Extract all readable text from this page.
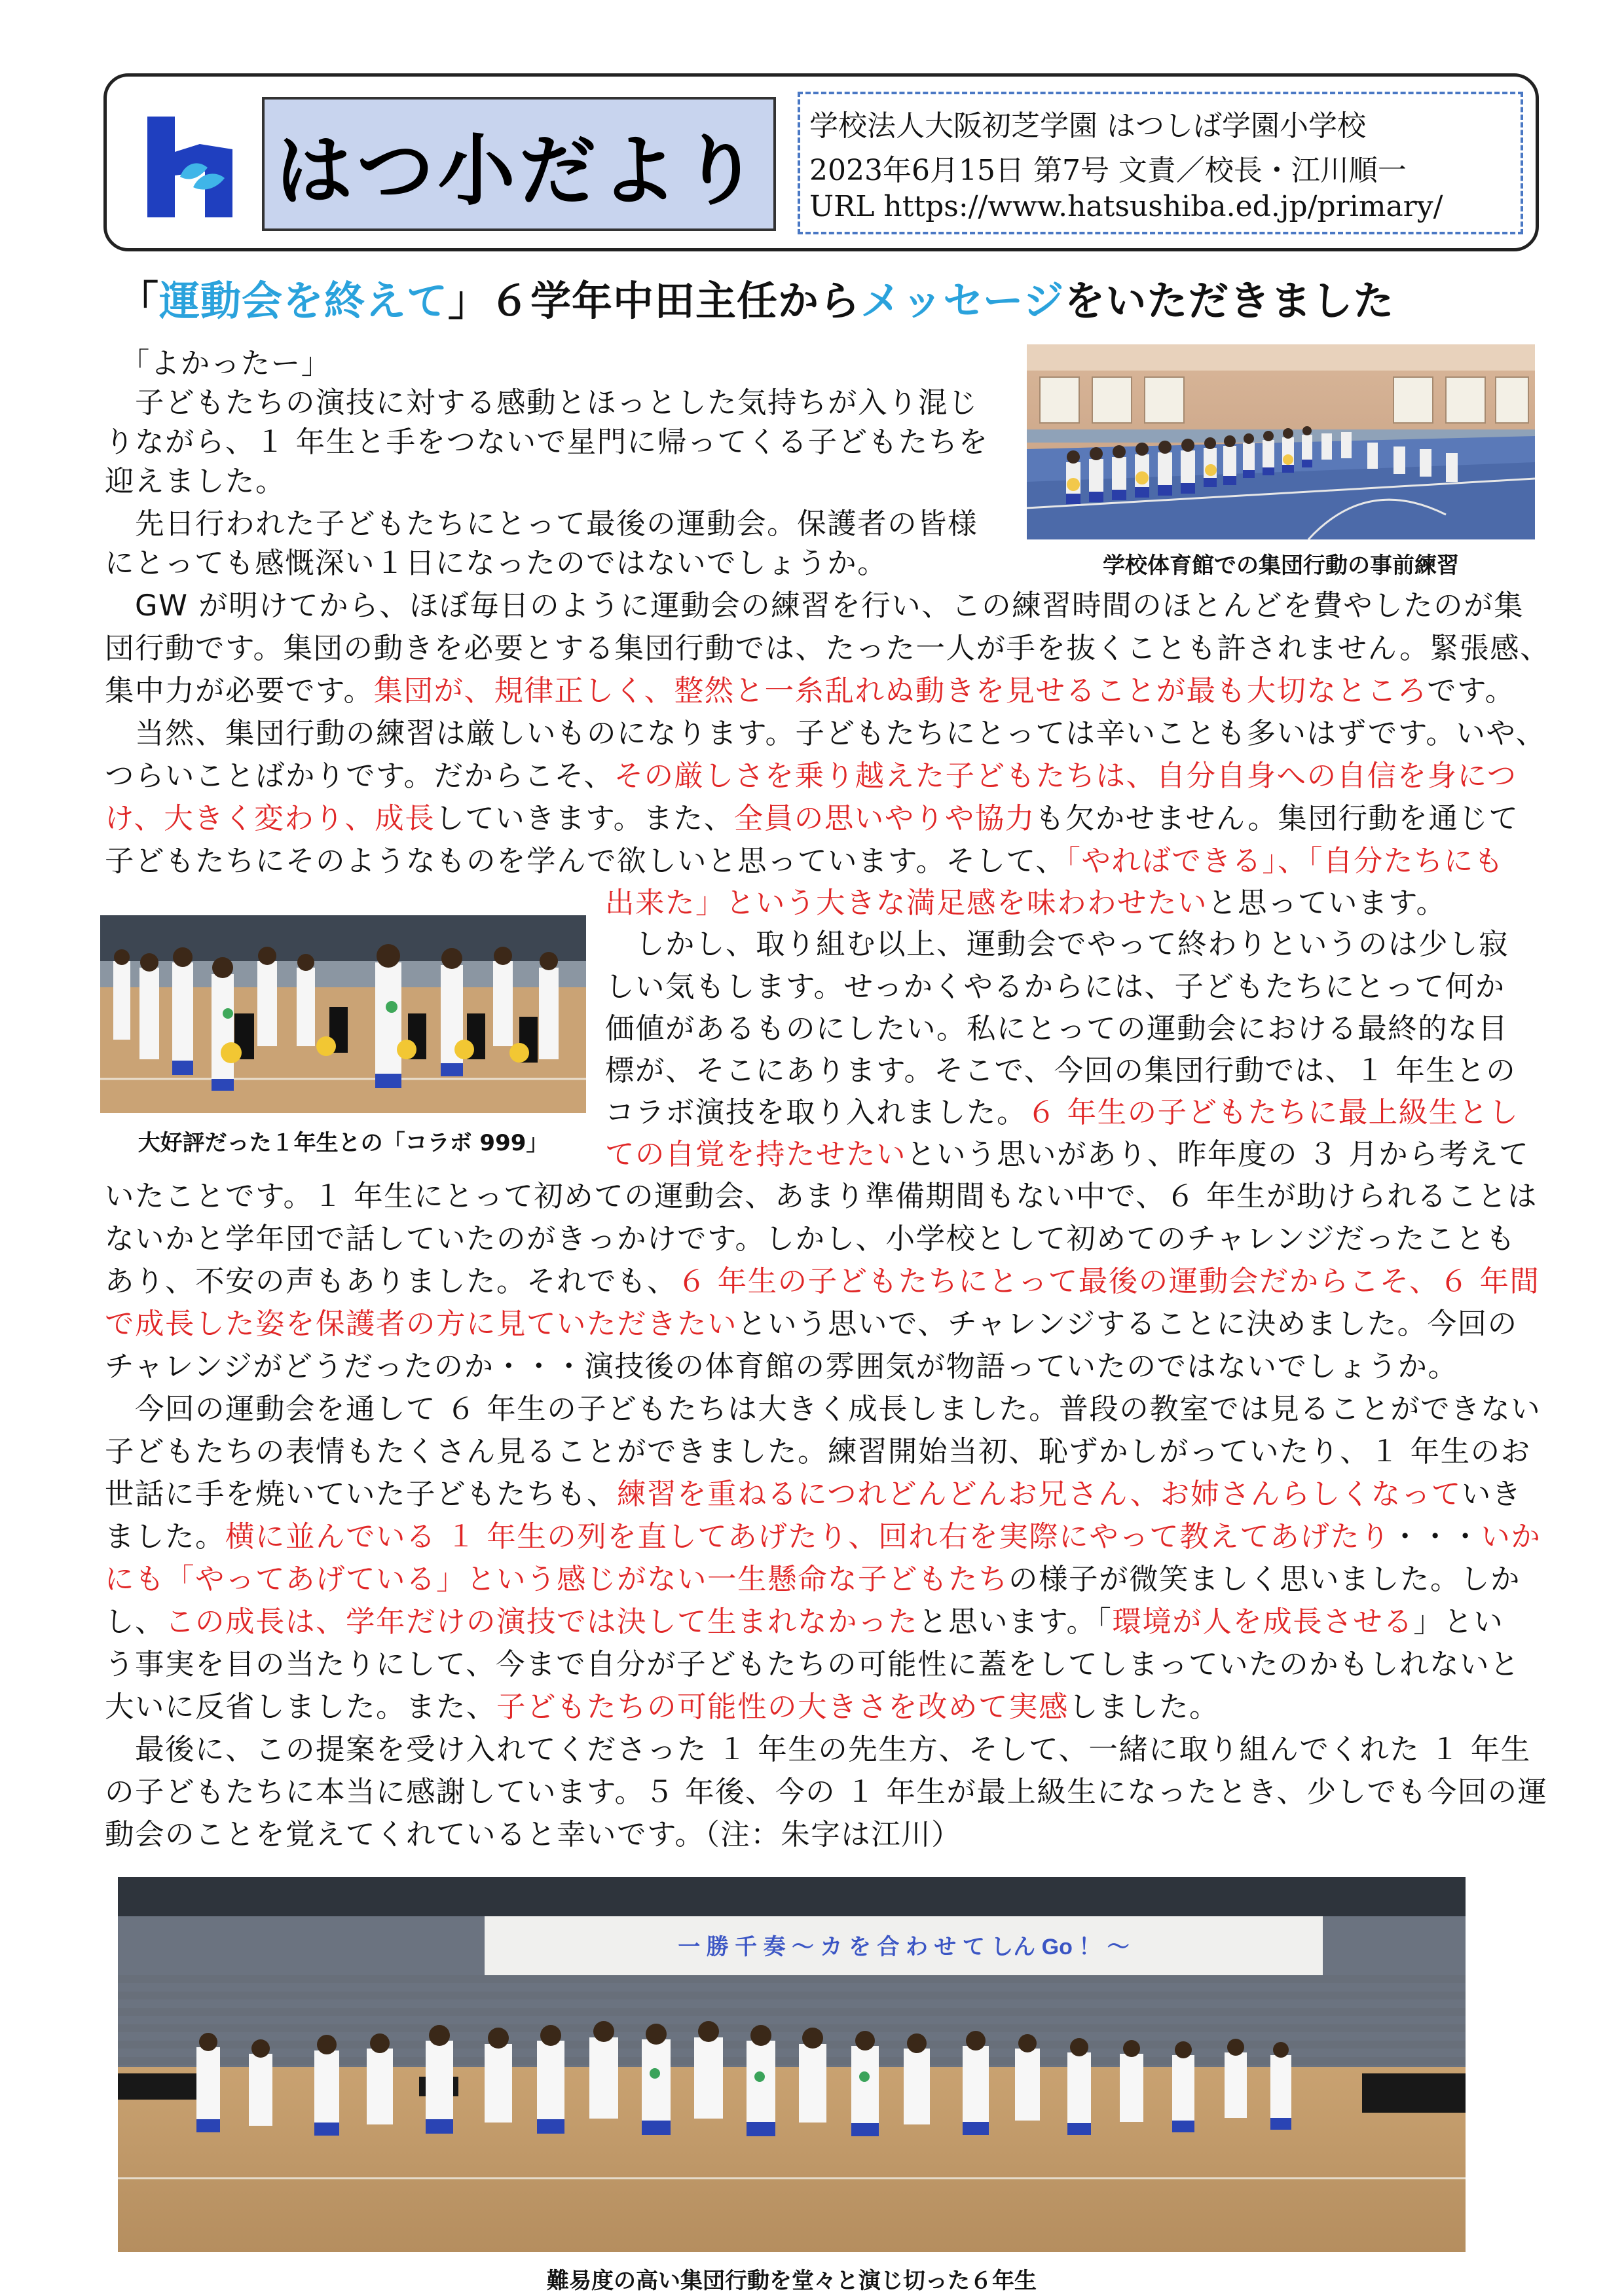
はつ小だより	学校法人大阪初芝学園 はつしば学園小学校
2023年6月15日 第7号 文責／校長・江川順一
URL https://www.hatsushiba.ed.jp/primary/
「運動会を終えて」６学年中田主任からメッセージをいただきました
学校体育館での集団行動の事前練習
大好評だった１年生との「コラボ 999」
　「よかったー」
　子どもたちの演技に対する感動とほっとした気持ちが入り混じ
りながら、１ 年生と手をつないで星門に帰ってくる子どもたちを
迎えました。
　先日行われた子どもたちにとって最後の運動会。保護者の皆様
にとっても感慨深い１日になったのではないでしょうか。
　GW が明けてから、ほぼ毎日のように運動会の練習を行い、この練習時間のほとんどを費やしたのが集
団行動です。集団の動きを必要とする集団行動では、たった一人が手を抜くことも許されません。緊張感、
集中力が必要です。集団が、規律正しく、整然と一糸乱れぬ動きを見せることが最も大切なところです。
　当然、集団行動の練習は厳しいものになります。子どもたちにとっては辛いことも多いはずです。いや、
つらいことばかりです。だからこそ、その厳しさを乗り越えた子どもたちは、自分自身への自信を身につ
け、大きく変わり、成長していきます。また、全員の思いやりや協力も欠かせません。集団行動を通じて
子どもたちにそのようなものを学んで欲しいと思っています。そして、「やればできる」、「自分たちにも
出来た」という大きな満足感を味わわせたいと思っています。
　しかし、取り組む以上、運動会でやって終わりというのは少し寂
しい気もします。せっかくやるからには、子どもたちにとって何か
価値があるものにしたい。私にとっての運動会における最終的な目
標が、そこにあります。そこで、今回の集団行動では、１ 年生との
コラボ演技を取り入れました。６ 年生の子どもたちに最上級生とし
ての自覚を持たせたいという思いがあり、昨年度の ３ 月から考えて
いたことです。１ 年生にとって初めての運動会、あまり準備期間もない中で、６ 年生が助けられることは
ないかと学年団で話していたのがきっかけです。しかし、小学校として初めてのチャレンジだったことも
あり、不安の声もありました。それでも、６ 年生の子どもたちにとって最後の運動会だからこそ、６ 年間
で成長した姿を保護者の方に見ていただきたいという思いで、チャレンジすることに決めました。今回の
チャレンジがどうだったのか・・・演技後の体育館の雰囲気が物語っていたのではないでしょうか。
　今回の運動会を通して ６ 年生の子どもたちは大きく成長しました。普段の教室では見ることができない
子どもたちの表情もたくさん見ることができました。練習開始当初、恥ずかしがっていたり、１ 年生のお
世話に手を焼いていた子どもたちも、練習を重ねるにつれどんどんお兄さん、お姉さんらしくなっていき
ました。横に並んでいる １ 年生の列を直してあげたり、回れ右を実際にやって教えてあげたり・・・いか
にも「やってあげている」という感じがない一生懸命な子どもたちの様子が微笑ましく思いました。しか
し、この成長は、学年だけの演技では決して生まれなかったと思います。「環境が人を成長させる」とい
う事実を目の当たりにして、今まで自分が子どもたちの可能性に蓋をしてしまっていたのかもしれないと
大いに反省しました。また、子どもたちの可能性の大きさを改めて実感しました。
　最後に、この提案を受け入れてくださった １ 年生の先生方、そして、一緒に取り組んでくれた １ 年生
の子どもたちに本当に感謝しています。５ 年後、今の １ 年生が最上級生になったとき、少しでも今回の運
動会のことを覚えてくれていると幸いです。（注：朱字は江川）
一 勝 千 奏 ～ カ を 合 わ せ て しん Go ！ ～
難易度の高い集団行動を堂々と演じ切った６年生
